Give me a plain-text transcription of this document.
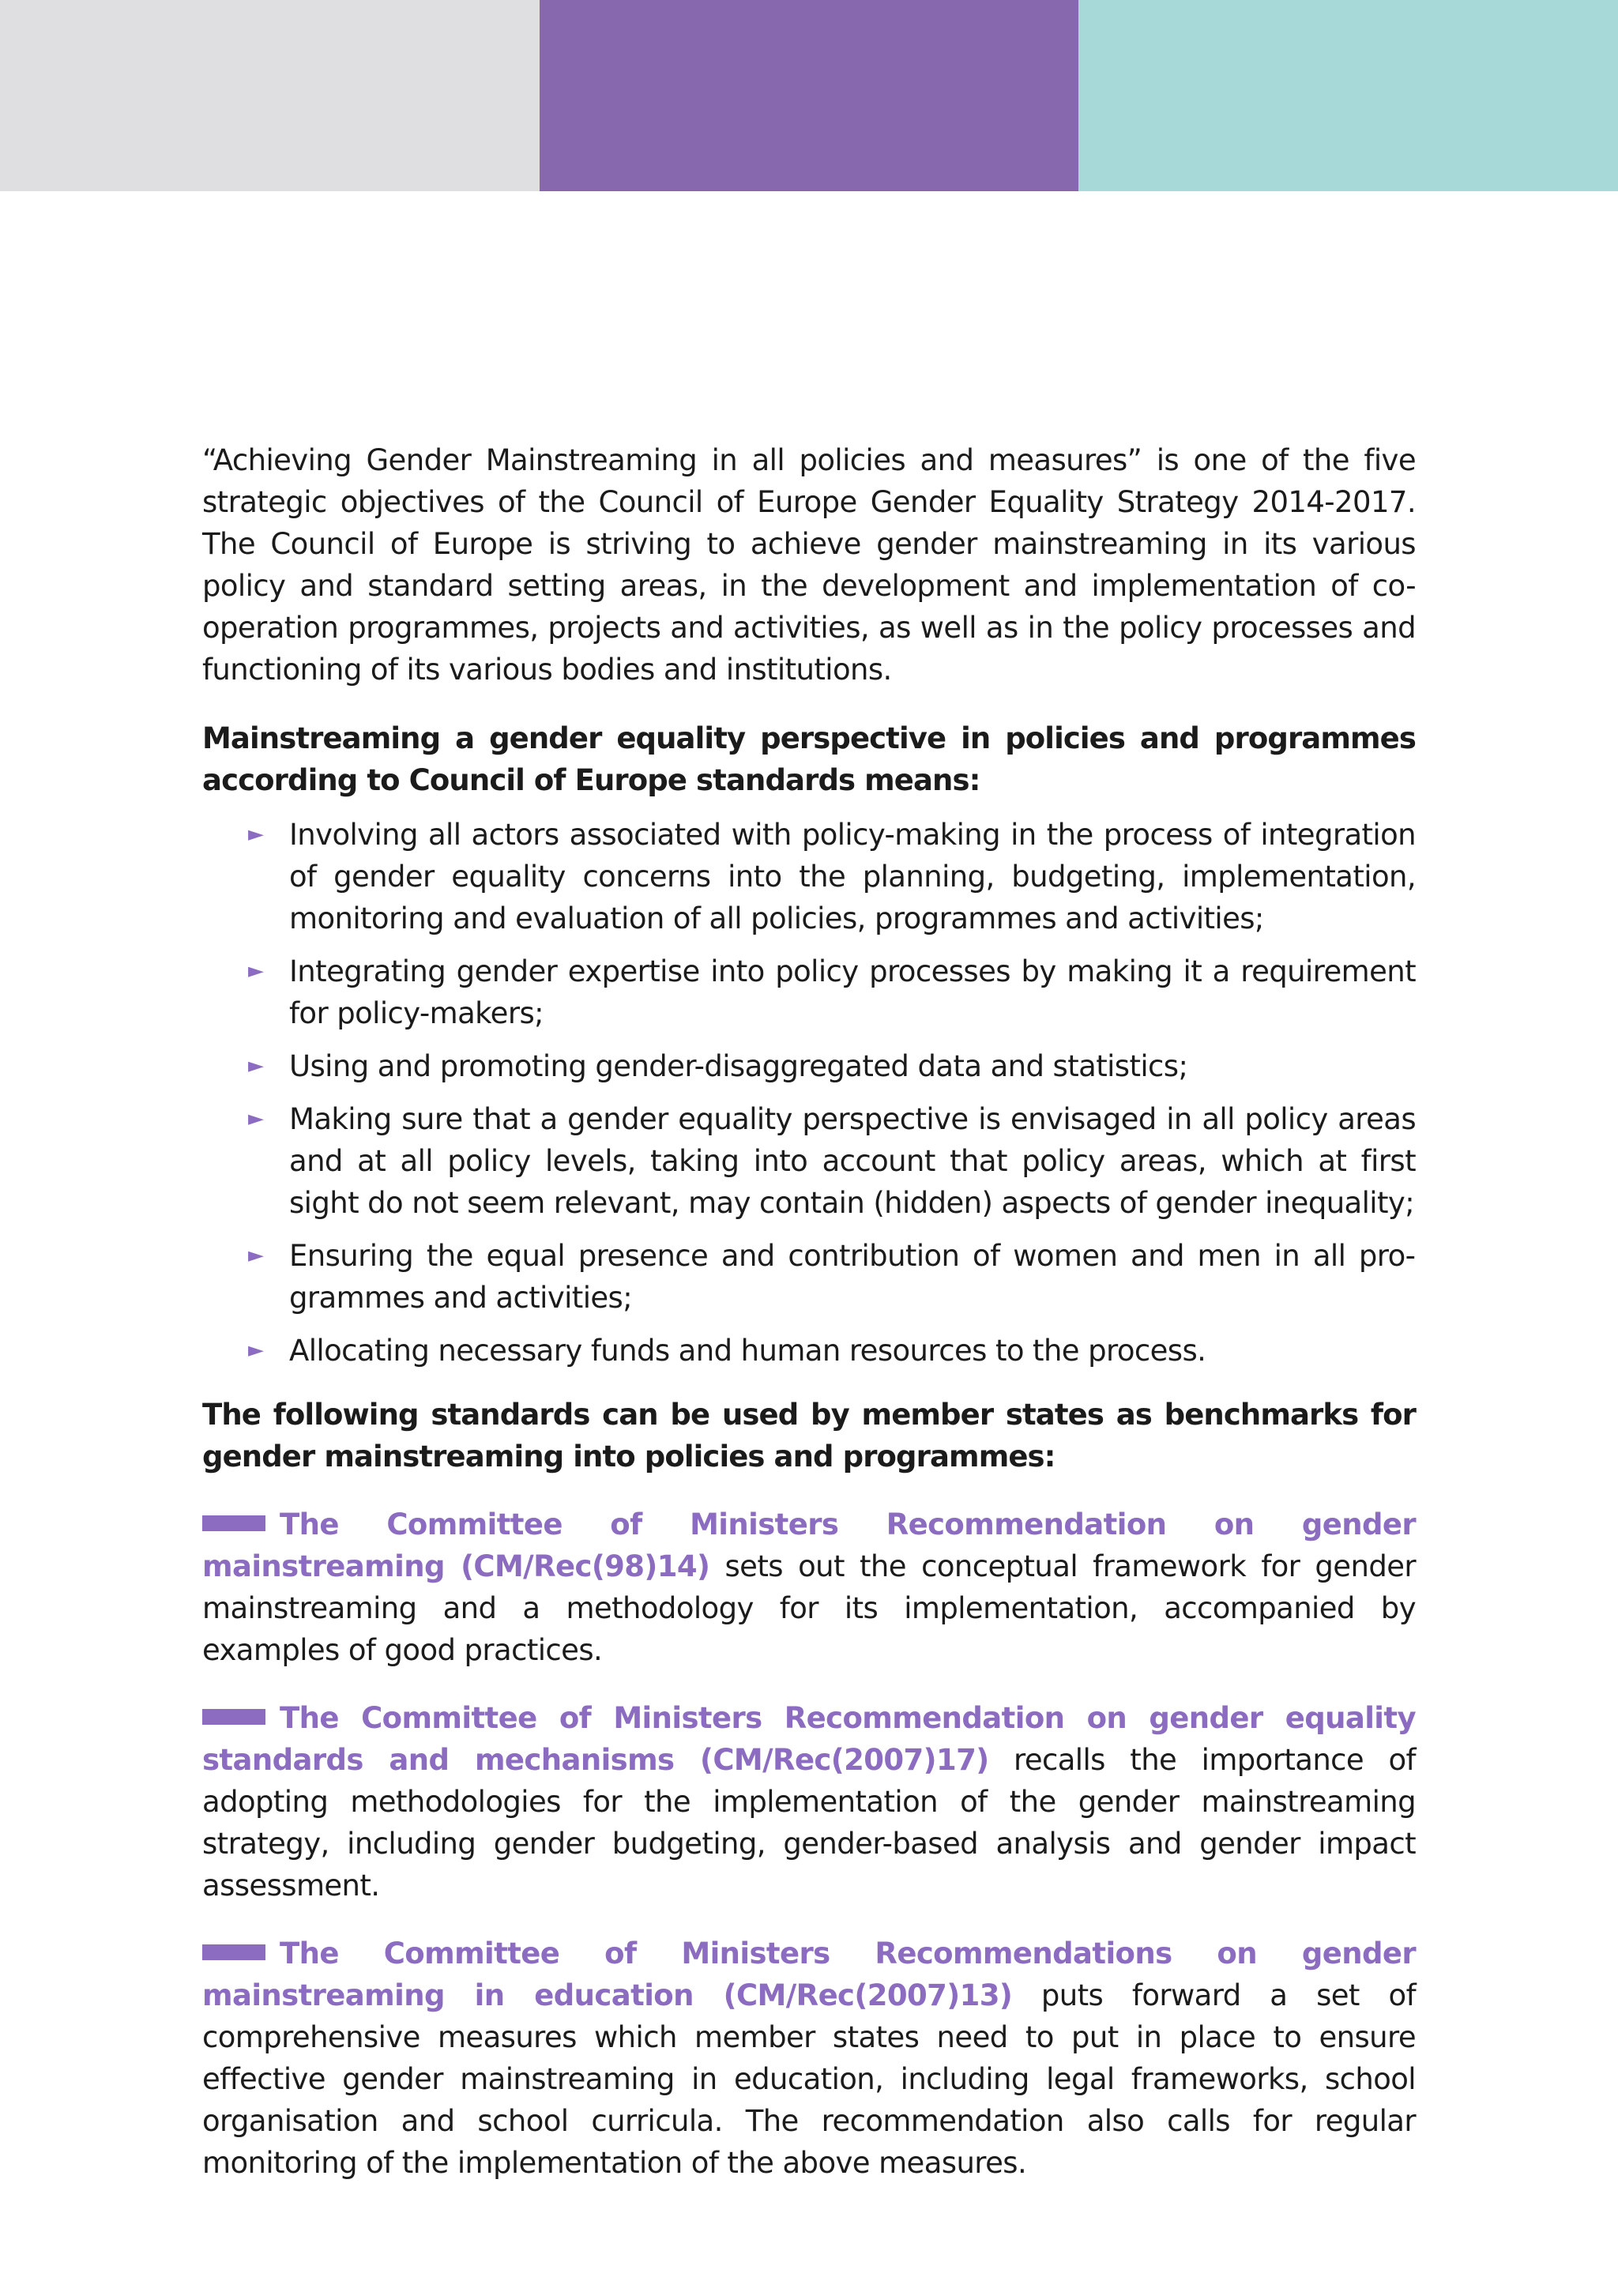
“Achieving Gender Mainstreaming in all policies and measures” is one of the five strategic objectives of the Council of Europe Gender Equality Strategy 2014-2017. The Council of Europe is striving to achieve gender mainstreaming in its various policy and standard setting areas, in the development and implementation of co-operation programmes, projects and activities, as well as in the policy processes and functioning of its various bodies and institutions.

Mainstreaming a gender equality perspective in policies and programmes according to Council of Europe standards means:

► Involving all actors associated with policy-making in the process of integration of gender equality concerns into the planning, budgeting, implementation, monitoring and evaluation of all policies, programmes and activities;
► Integrating gender expertise into policy processes by making it a requirement for policy-makers;
► Using and promoting gender-disaggregated data and statistics;
► Making sure that a gender equality perspective is envisaged in all policy areas and at all policy levels, taking into account that policy areas, which at first sight do not seem relevant, may contain (hidden) aspects of gender inequality;
► Ensuring the equal presence and contribution of women and men in all programmes and activities;
► Allocating necessary funds and human resources to the process.

The following standards can be used by member states as benchmarks for gender mainstreaming into policies and programmes:

The Committee of Ministers Recommendation on gender mainstreaming (CM/Rec(98)14) sets out the conceptual framework for gender mainstreaming and a methodology for its implementation, accompanied by examples of good practices.

The Committee of Ministers Recommendation on gender equality standards and mechanisms (CM/Rec(2007)17) recalls the importance of adopting methodologies for the implementation of the gender mainstreaming strategy, including gender budgeting, gender-based analysis and gender impact assessment.

The Committee of Ministers Recommendations on gender mainstreaming in education (CM/Rec(2007)13) puts forward a set of comprehensive measures which member states need to put in place to ensure effective gender mainstreaming in education, including legal frameworks, school organisation and school curricula. The recommendation also calls for regular monitoring of the implementation of the above measures.
